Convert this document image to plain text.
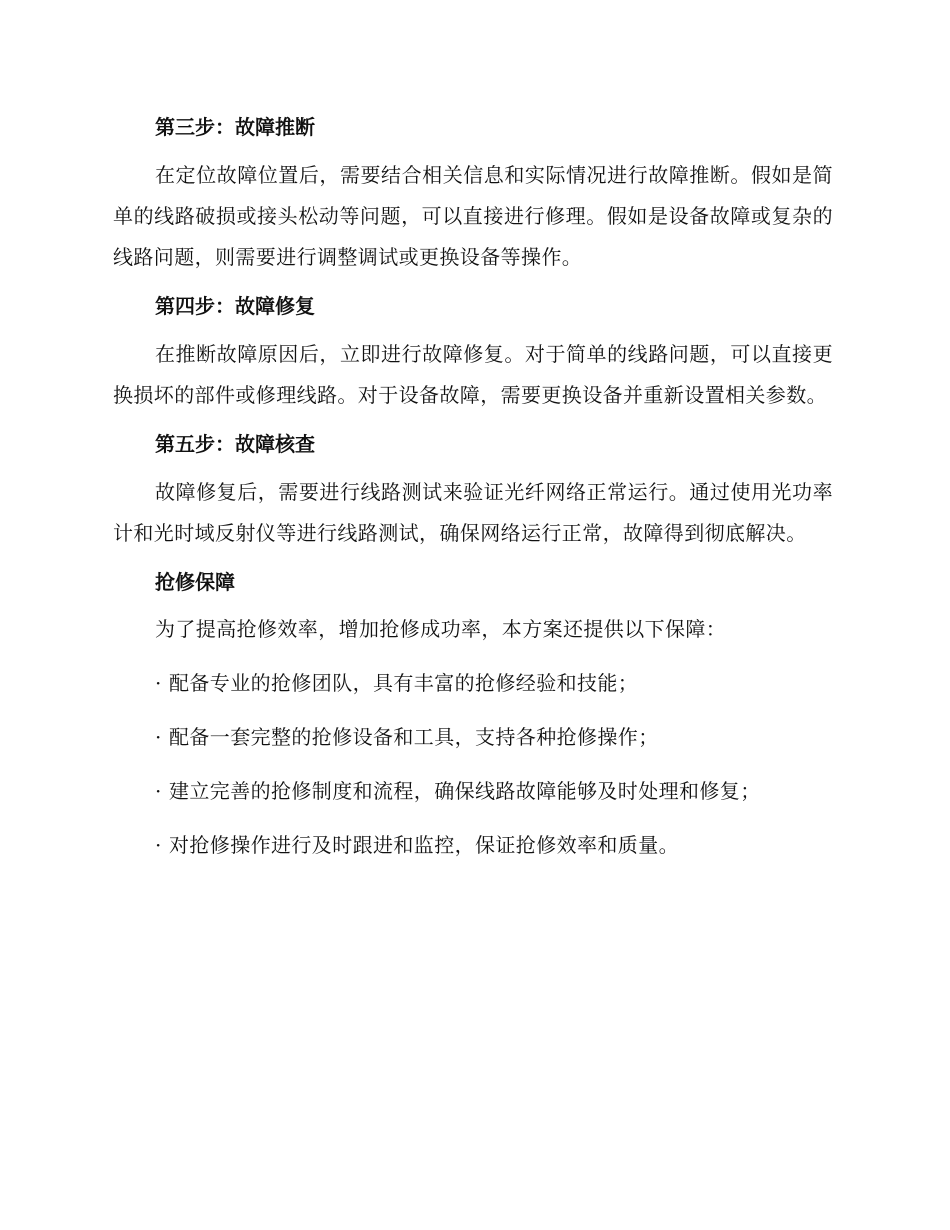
第三步：故障推断

在定位故障位置后，需要结合相关信息和实际情况进行故障推断。假如是简单的线路破损或接头松动等问题，可以直接进行修理。假如是设备故障或复杂的线路问题，则需要进行调整调试或更换设备等操作。

第四步：故障修复

在推断故障原因后，立即进行故障修复。对于简单的线路问题，可以直接更换损坏的部件或修理线路。对于设备故障，需要更换设备并重新设置相关参数。

第五步：故障核查

故障修复后，需要进行线路测试来验证光纤网络正常运行。通过使用光功率计和光时域反射仪等进行线路测试，确保网络运行正常，故障得到彻底解决。

抢修保障
为了提高抢修效率，增加抢修成功率，本方案还提供以下保障：
· 配备专业的抢修团队，具有丰富的抢修经验和技能；
· 配备一套完整的抢修设备和工具，支持各种抢修操作；
· 建立完善的抢修制度和流程，确保线路故障能够及时处理和修复；
· 对抢修操作进行及时跟进和监控，保证抢修效率和质量。
